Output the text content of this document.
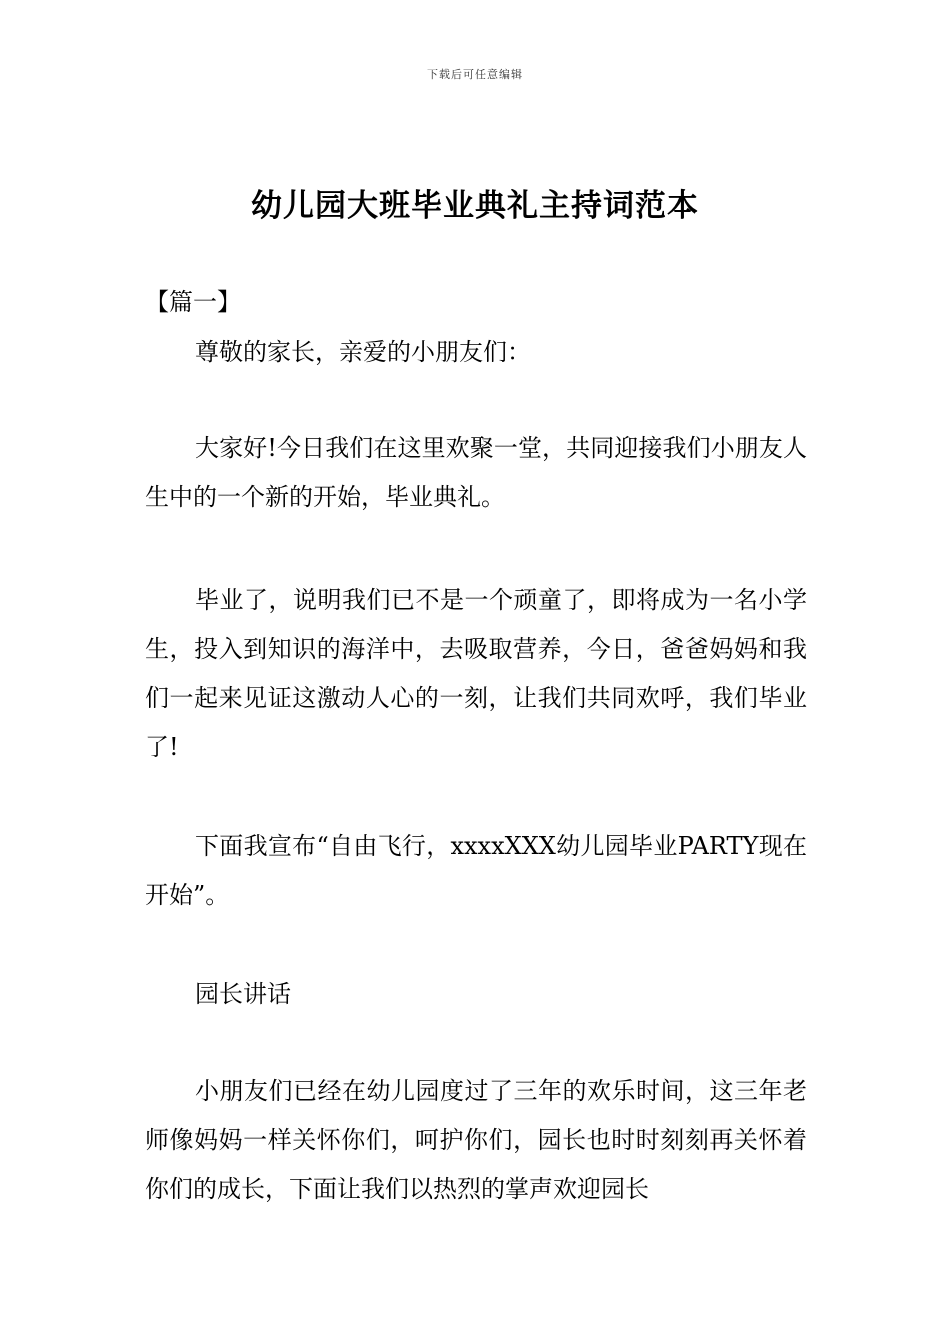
下载后可任意编辑
幼儿园大班毕业典礼主持词范本
【篇一】

尊敬的家长，亲爱的小朋友们：

大家好!今日我们在这里欢聚一堂，共同迎接我们小朋友人生中的一个新的开始，毕业典礼。

毕业了，说明我们已不是一个顽童了，即将成为一名小学生，投入到知识的海洋中，去吸取营养，今日，爸爸妈妈和我们一起来见证这激动人心的一刻，让我们共同欢呼，我们毕业了!

下面我宣布“自由飞行，xxxxXXX幼儿园毕业PARTY现在开始”。

园长讲话

小朋友们已经在幼儿园度过了三年的欢乐时间，这三年老师像妈妈一样关怀你们，呵护你们，园长也时时刻刻再关怀着你们的成长，下面让我们以热烈的掌声欢迎园长
